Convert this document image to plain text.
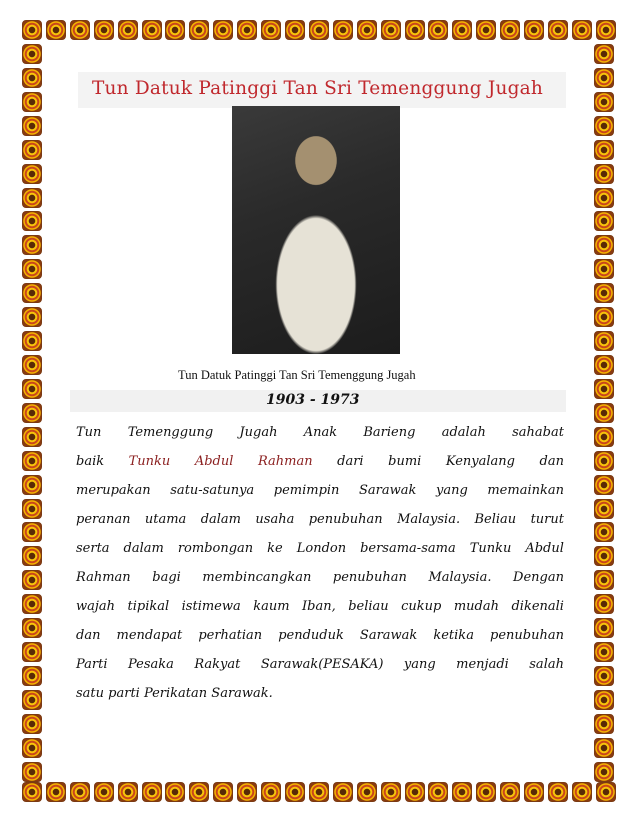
Tun Datuk Patinggi Tan Sri Temenggung Jugah
Tun Datuk Patinggi Tan Sri Temenggung Jugah
1903 - 1973
Tun Temenggung Jugah Anak Barieng adalah sahabat
baik Tunku Abdul Rahman dari bumi Kenyalang dan
merupakan satu-satunya pemimpin Sarawak yang memainkan
peranan utama dalam usaha penubuhan Malaysia. Beliau turut
serta dalam rombongan ke London bersama-sama Tunku Abdul
Rahman bagi membincangkan penubuhan Malaysia. Dengan
wajah tipikal istimewa kaum Iban, beliau cukup mudah dikenali
dan mendapat perhatian penduduk Sarawak ketika penubuhan
Parti Pesaka Rakyat Sarawak(PESAKA) yang menjadi salah
satu parti Perikatan Sarawak.
